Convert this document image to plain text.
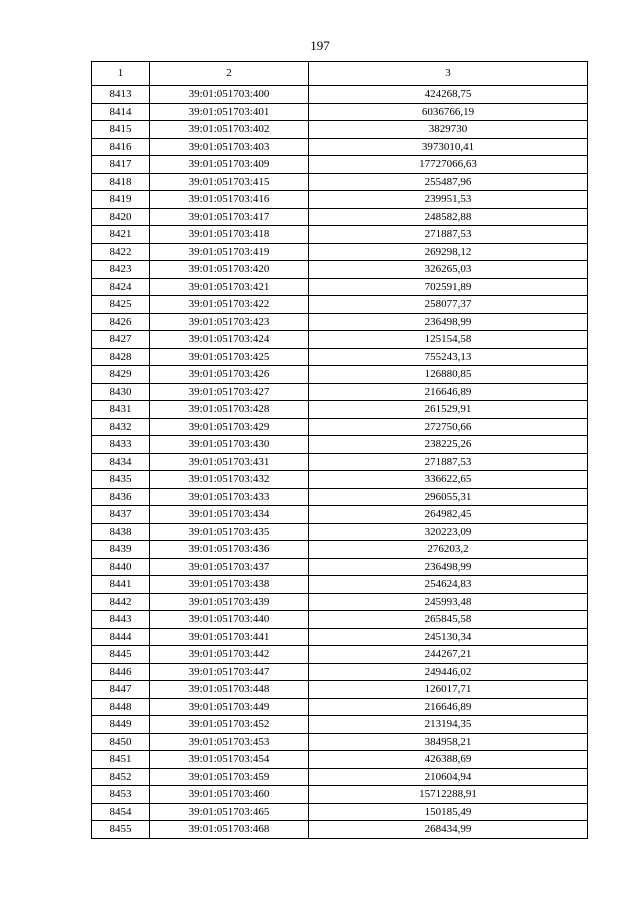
197
1	2	3
8413	39:01:051703:400	424268,75
8414	39:01:051703:401	6036766,19
8415	39:01:051703:402	3829730
8416	39:01:051703:403	3973010,41
8417	39:01:051703:409	17727066,63
8418	39:01:051703:415	255487,96
8419	39:01:051703:416	239951,53
8420	39:01:051703:417	248582,88
8421	39:01:051703:418	271887,53
8422	39:01:051703:419	269298,12
8423	39:01:051703:420	326265,03
8424	39:01:051703:421	702591,89
8425	39:01:051703:422	258077,37
8426	39:01:051703:423	236498,99
8427	39:01:051703:424	125154,58
8428	39:01:051703:425	755243,13
8429	39:01:051703:426	126880,85
8430	39:01:051703:427	216646,89
8431	39:01:051703:428	261529,91
8432	39:01:051703:429	272750,66
8433	39:01:051703:430	238225,26
8434	39:01:051703:431	271887,53
8435	39:01:051703:432	336622,65
8436	39:01:051703:433	296055,31
8437	39:01:051703:434	264982,45
8438	39:01:051703:435	320223,09
8439	39:01:051703:436	276203,2
8440	39:01:051703:437	236498,99
8441	39:01:051703:438	254624,83
8442	39:01:051703:439	245993,48
8443	39:01:051703:440	265845,58
8444	39:01:051703:441	245130,34
8445	39:01:051703:442	244267,21
8446	39:01:051703:447	249446,02
8447	39:01:051703:448	126017,71
8448	39:01:051703:449	216646,89
8449	39:01:051703:452	213194,35
8450	39:01:051703:453	384958,21
8451	39:01:051703:454	426388,69
8452	39:01:051703:459	210604,94
8453	39:01:051703:460	15712288,91
8454	39:01:051703:465	150185,49
8455	39:01:051703:468	268434,99
